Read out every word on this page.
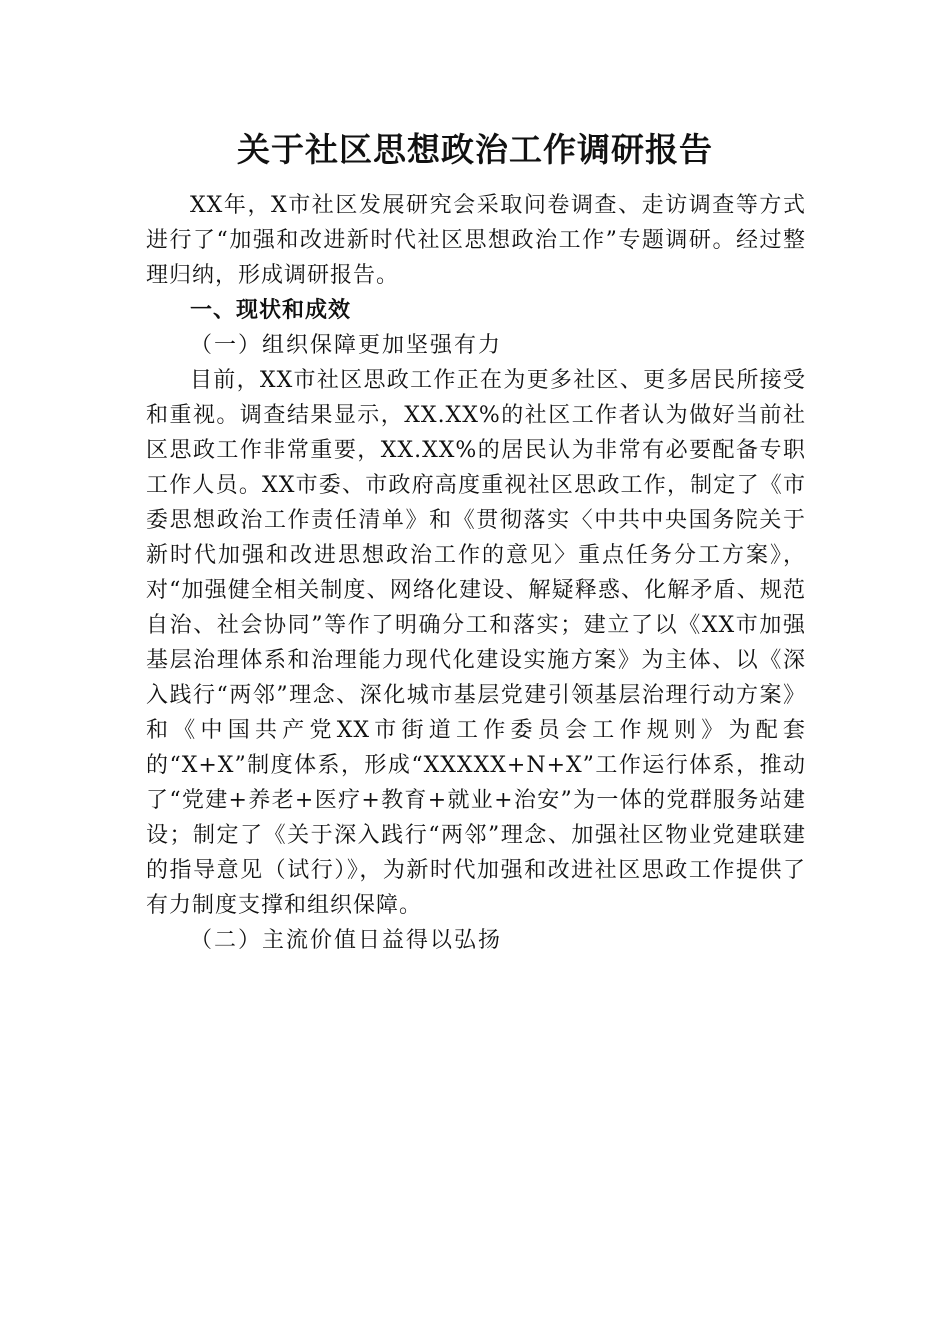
关于社区思想政治工作调研报告

XX年，X市社区发展研究会采取问卷调查、走访调查等方式进行了“加强和改进新时代社区思想政治工作”专题调研。经过整理归纳，形成调研报告。

一、现状和成效

（一）组织保障更加坚强有力

目前，XX市社区思政工作正在为更多社区、更多居民所接受和重视。调查结果显示，XX.XX%的社区工作者认为做好当前社区思政工作非常重要，XX.XX%的居民认为非常有必要配备专职工作人员。XX市委、市政府高度重视社区思政工作，制定了《市委思想政治工作责任清单》和《贯彻落实〈中共中央国务院关于新时代加强和改进思想政治工作的意见〉重点任务分工方案》，对“加强健全相关制度、网络化建设、解疑释惑、化解矛盾、规范自治、社会协同”等作了明确分工和落实；建立了以《XX市加强基层治理体系和治理能力现代化建设实施方案》为主体、以《深入践行“两邻”理念、深化城市基层党建引领基层治理行动方案》和《中国共产党XX市街道工作委员会工作规则》为配套的“X+X”制度体系，形成“XXXXX+N+X”工作运行体系，推动了“党建+养老+医疗+教育+就业+治安”为一体的党群服务站建设；制定了《关于深入践行“两邻”理念、加强社区物业党建联建的指导意见（试行）》，为新时代加强和改进社区思政工作提供了有力制度支撑和组织保障。

（二）主流价值日益得以弘扬
